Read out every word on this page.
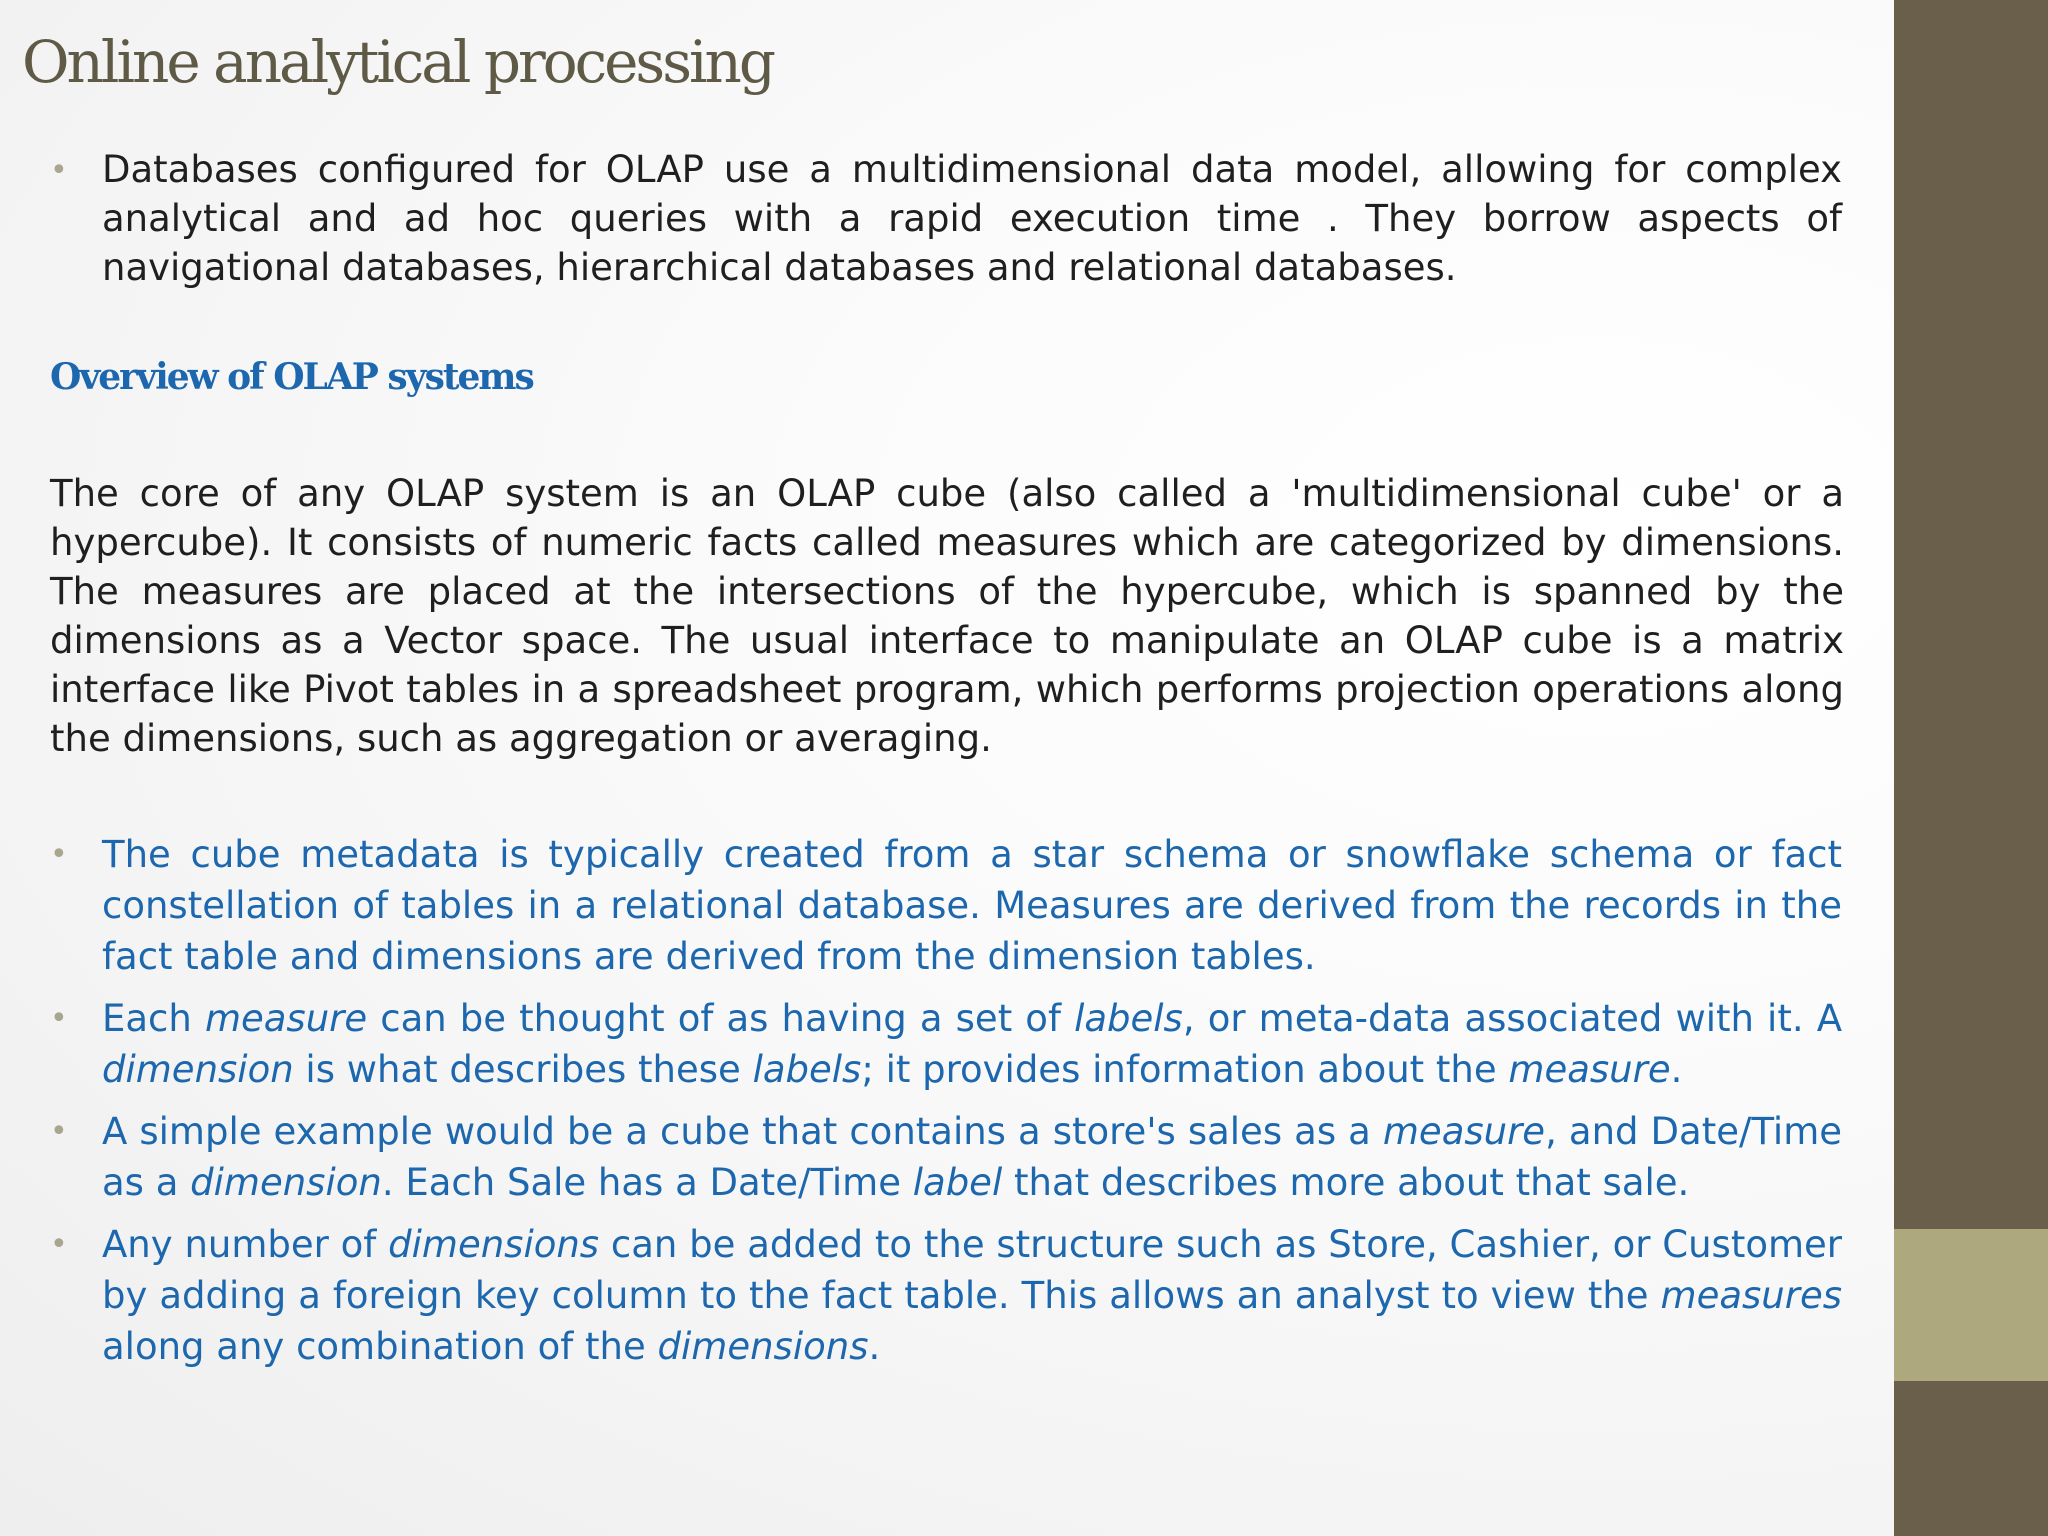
Online analytical processing
• Databases configured for OLAP use a multidimensional data model, allowing for complex analytical and ad hoc queries with a rapid execution time . They borrow aspects of navigational databases, hierarchical databases and relational databases.
Overview of OLAP systems
The core of any OLAP system is an OLAP cube (also called a 'multidimensional cube' or a hypercube). It consists of numeric facts called measures which are categorized by dimensions. The measures are placed at the intersections of the hypercube, which is spanned by the dimensions as a Vector space. The usual interface to manipulate an OLAP cube is a matrix interface like Pivot tables in a spreadsheet program, which performs projection operations along the dimensions, such as aggregation or averaging.
• The cube metadata is typically created from a star schema or snowflake schema or fact constellation of tables in a relational database. Measures are derived from the records in the fact table and dimensions are derived from the dimension tables.
• Each measure can be thought of as having a set of labels, or meta-data associated with it. A dimension is what describes these labels; it provides information about the measure.
• A simple example would be a cube that contains a store's sales as a measure, and Date/Time as a dimension. Each Sale has a Date/Time label that describes more about that sale.
• Any number of dimensions can be added to the structure such as Store, Cashier, or Customer by adding a foreign key column to the fact table. This allows an analyst to view the measures along any combination of the dimensions.
